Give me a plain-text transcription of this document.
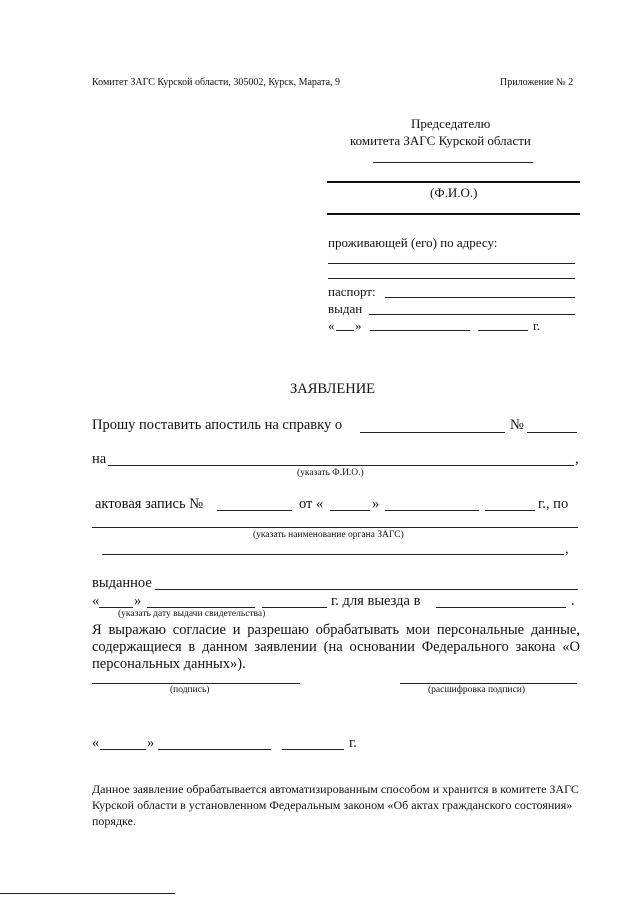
Комитет ЗАГС Курской области, 305002, Курск, Марата, 9	Приложение № 2
Председателю
комитета ЗАГС Курской области
(Ф.И.О.)
проживающей (его) по адресу:
паспорт:
выдан
« »	г.
ЗАЯВЛЕНИЕ
Прошу поставить апостиль на справку о	№
на	,
(указать Ф.И.О.)
актовая запись №	от «	»	г., по
(указать наименование органа ЗАГС)
,
выданное
« »	г. для выезда в	.
(указать дату выдачи свидетельства)
Я выражаю согласие и разрешаю обрабатывать мои персональные данные, содержащиеся в данном заявлении (на основании Федерального закона «О персональных данных»).
(подпись)	(расшифровка подписи)
«	»	г.
Данное заявление обрабатывается автоматизированным способом и хранится в комитете ЗАГС Курской области в установленном Федеральным законом «Об актах гражданского состояния» порядке.
